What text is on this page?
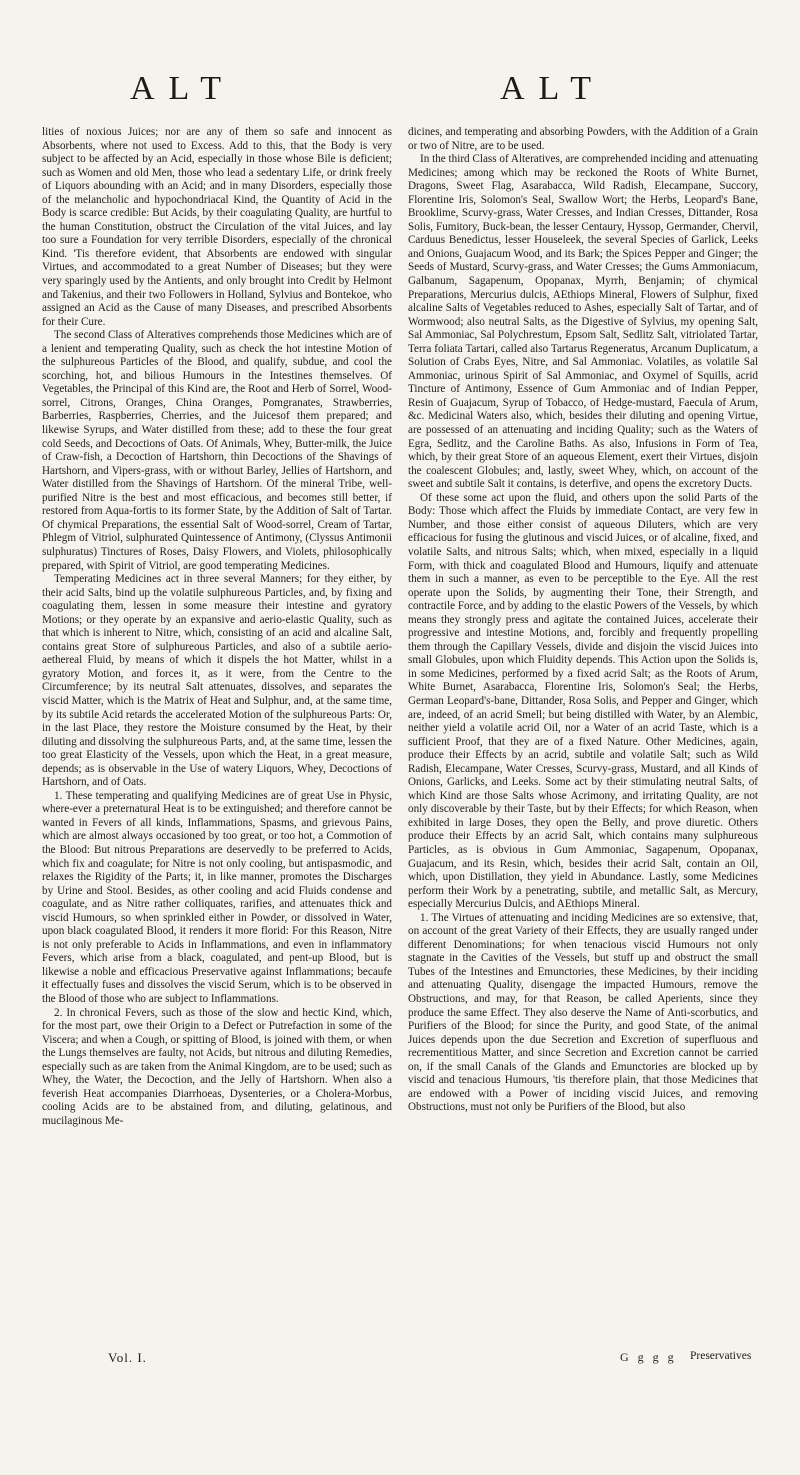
ALT	ALT

lities of noxious Juices; nor are any of them so safe and innocent as Absorbents, where not used to Excess. Add to this, that the Body is very subject to be affected by an Acid, especially in those whose Bile is deficient; such as Women and old Men, those who lead a sedentary Life, or drink freely of Liquors abounding with an Acid; and in many Disorders, especially those of the melancholic and hypochondriacal Kind, the Quantity of Acid in the Body is scarce credible: But Acids, by their coagulating Quality, are hurtful to the human Constitution, obstruct the Circulation of the vital Juices, and lay too sure a Foundation for very terrible Disorders, especially of the chronical Kind. 'Tis therefore evident, that Absorbents are endowed with singular Virtues, and accommodated to a great Number of Diseases; but they were very sparingly used by the Antients, and only brought into Credit by Helmont and Takenius, and their two Followers in Holland, Sylvius and Bontekoe, who assigned an Acid as the Cause of many Diseases, and prescribed Absorbents for their Cure.

The second Class of Alteratives comprehends those Medicines which are of a lenient and temperating Quality, such as check the hot intestine Motion of the sulphureous Particles of the Blood, and qualify, subdue, and cool the scorching, hot, and bilious Humours in the Intestines themselves. Of Vegetables, the Principal of this Kind are, the Root and Herb of Sorrel, Wood-sorrel, Citrons, Oranges, China Oranges, Pomgranates, Strawberries, Barberries, Raspberries, Cherries, and the Juicesof them prepared; and likewise Syrups, and Water distilled from these; add to these the four great cold Seeds, and Decoctions of Oats. Of Animals, Whey, Butter-milk, the Juice of Craw-fish, a Decoction of Hartshorn, thin Decoctions of the Shavings of Hartshorn, and Vipers-grass, with or without Barley, Jellies of Hartshorn, and Water distilled from the Shavings of Hartshorn. Of the mineral Tribe, well-purified Nitre is the best and most efficacious, and becomes still better, if restored from Aqua-fortis to its former State, by the Addition of Salt of Tartar. Of chymical Preparations, the essential Salt of Wood-sorrel, Cream of Tartar, Phlegm of Vitriol, sulphurated Quintessence of Antimony, (Clyssus Antimonii sulphuratus) Tinctures of Roses, Daisy Flowers, and Violets, philosophically prepared, with Spirit of Vitriol, are good temperating Medicines.

Temperating Medicines act in three several Manners; for they either, by their acid Salts, bind up the volatile sulphureous Particles, and, by fixing and coagulating them, lessen in some measure their intestine and gyratory Motions; or they operate by an expansive and aerio-elastic Quality, such as that which is inherent to Nitre, which, consisting of an acid and alcaline Salt, contains great Store of sulphureous Particles, and also of a subtile aerio-aethereal Fluid, by means of which it dispels the hot Matter, whilst in a gyratory Motion, and forces it, as it were, from the Centre to the Circumference; by its neutral Salt attenuates, dissolves, and separates the viscid Matter, which is the Matrix of Heat and Sulphur, and, at the same time, by its subtile Acid retards the accelerated Motion of the sulphureous Parts: Or, in the last Place, they restore the Moisture consumed by the Heat, by their diluting and dissolving the sulphureous Parts, and, at the same time, lessen the too great Elasticity of the Vessels, upon which the Heat, in a great measure, depends; as is observable in the Use of watery Liquors, Whey, Decoctions of Hartshorn, and of Oats.

1. These temperating and qualifying Medicines are of great Use in Physic, where-ever a preternatural Heat is to be extinguished; and therefore cannot be wanted in Fevers of all kinds, Inflammations, Spasms, and grievous Pains, which are almost always occasioned by too great, or too hot, a Commotion of the Blood: But nitrous Preparations are deservedly to be preferred to Acids, which fix and coagulate; for Nitre is not only cooling, but antispasmodic, and relaxes the Rigidity of the Parts; it, in like manner, promotes the Discharges by Urine and Stool. Besides, as other cooling and acid Fluids condense and coagulate, and as Nitre rather colliquates, rarifies, and attenuates thick and viscid Humours, so when sprinkled either in Powder, or dissolved in Water, upon black coagulated Blood, it renders it more florid: For this Reason, Nitre is not only preferable to Acids in Inflammations, and even in inflammatory Fevers, which arise from a black, coagulated, and pent-up Blood, but is likewise a noble and efficacious Preservative against Inflammations; becaufe it effectually fuses and dissolves the viscid Serum, which is to be observed in the Blood of those who are subject to Inflammations.

2. In chronical Fevers, such as those of the slow and hectic Kind, which, for the most part, owe their Origin to a Defect or Putrefaction in some of the Viscera; and when a Cough, or spitting of Blood, is joined with them, or when the Lungs themselves are faulty, not Acids, but nitrous and diluting Remedies, especially such as are taken from the Animal Kingdom, are to be used; such as Whey, the Water, the Decoction, and the Jelly of Hartshorn. When also a feverish Heat accompanies Diarrhoeas, Dysenteries, or a Cholera-Morbus, cooling Acids are to be abstained from, and diluting, gelatinous, and mucilaginous Me-

dicines, and temperating and absorbing Powders, with the Addition of a Grain or two of Nitre, are to be used.

In the third Class of Alteratives, are comprehended inciding and attenuating Medicines; among which may be reckoned the Roots of White Burnet, Dragons, Sweet Flag, Asarabacca, Wild Radish, Elecampane, Succory, Florentine Iris, Solomon's Seal, Swallow Wort; the Herbs, Leopard's Bane, Brooklime, Scurvy-grass, Water Cresses, and Indian Cresses, Dittander, Rosa Solis, Fumitory, Buck-bean, the lesser Centaury, Hyssop, Germander, Chervil, Carduus Benedictus, lesser Houseleek, the several Species of Garlick, Leeks and Onions, Guajacum Wood, and its Bark; the Spices Pepper and Ginger; the Seeds of Mustard, Scurvy-grass, and Water Cresses; the Gums Ammoniacum, Galbanum, Sagapenum, Opopanax, Myrrh, Benjamin; of chymical Preparations, Mercurius dulcis, AEthiops Mineral, Flowers of Sulphur, fixed alcaline Salts of Vegetables reduced to Ashes, especially Salt of Tartar, and of Wormwood; also neutral Salts, as the Digestive of Sylvius, my opening Salt, Sal Ammoniac, Sal Polychrestum, Epsom Salt, Sedlitz Salt, vitriolated Tartar, Terra foliata Tartari, called also Tartarus Regeneratus, Arcanum Duplicatum, a Solution of Crabs Eyes, Nitre, and Sal Ammoniac. Volatiles, as volatile Sal Ammoniac, urinous Spirit of Sal Ammoniac, and Oxymel of Squills, acrid Tincture of Antimony, Essence of Gum Ammoniac and of Indian Pepper, Resin of Guajacum, Syrup of Tobacco, of Hedge-mustard, Faecula of Arum, &c. Medicinal Waters also, which, besides their diluting and opening Virtue, are possessed of an attenuating and inciding Quality; such as the Waters of Egra, Sedlitz, and the Caroline Baths. As also, Infusions in Form of Tea, which, by their great Store of an aqueous Element, exert their Virtues, disjoin the coalescent Globules; and, lastly, sweet Whey, which, on account of the sweet and subtile Salt it contains, is deterfive, and opens the excretory Ducts.

Of these some act upon the fluid, and others upon the solid Parts of the Body: Those which affect the Fluids by immediate Contact, are very few in Number, and those either consist of aqueous Diluters, which are very efficacious for fusing the glutinous and viscid Juices, or of alcaline, fixed, and volatile Salts, and nitrous Salts; which, when mixed, especially in a liquid Form, with thick and coagulated Blood and Humours, liquify and attenuate them in such a manner, as even to be perceptible to the Eye. All the rest operate upon the Solids, by augmenting their Tone, their Strength, and contractile Force, and by adding to the elastic Powers of the Vessels, by which means they strongly press and agitate the contained Juices, accelerate their progressive and intestine Motions, and, forcibly and frequently propelling them through the Capillary Vessels, divide and disjoin the viscid Juices into small Globules, upon which Fluidity depends. This Action upon the Solids is, in some Medicines, performed by a fixed acrid Salt; as the Roots of Arum, White Burnet, Asarabacca, Florentine Iris, Solomon's Seal; the Herbs, German Leopard's-bane, Dittander, Rosa Solis, and Pepper and Ginger, which are, indeed, of an acrid Smell; but being distilled with Water, by an Alembic, neither yield a volatile acrid Oil, nor a Water of an acrid Taste, which is a sufficient Proof, that they are of a fixed Nature. Other Medicines, again, produce their Effects by an acrid, subtile and volatile Salt; such as Wild Radish, Elecampane, Water Cresses, Scurvy-grass, Mustard, and all Kinds of Onions, Garlicks, and Leeks. Some act by their stimulating neutral Salts, of which Kind are those Salts whose Acrimony, and irritating Quality, are not only discoverable by their Taste, but by their Effects; for which Reason, when exhibited in large Doses, they open the Belly, and prove diuretic. Others produce their Effects by an acrid Salt, which contains many sulphureous Particles, as is obvious in Gum Ammoniac, Sagapenum, Opopanax, Guajacum, and its Resin, which, besides their acrid Salt, contain an Oil, which, upon Distillation, they yield in Abundance. Lastly, some Medicines perform their Work by a penetrating, subtile, and metallic Salt, as Mercury, especially Mercurius Dulcis, and AEthiops Mineral.

1. The Virtues of attenuating and inciding Medicines are so extensive, that, on account of the great Variety of their Effects, they are usually ranged under different Denominations; for when tenacious viscid Humours not only stagnate in the Cavities of the Vessels, but stuff up and obstruct the small Tubes of the Intestines and Emunctories, these Medicines, by their inciding and attenuating Quality, disengage the impacted Humours, remove the Obstructions, and may, for that Reason, be called Aperients, since they produce the same Effect. They also deserve the Name of Anti-scorbutics, and Purifiers of the Blood; for since the Purity, and good State, of the animal Juices depends upon the due Secretion and Excretion of superfluous and recrementitious Matter, and since Secretion and Excretion cannot be carried on, if the small Canals of the Glands and Emunctories are blocked up by viscid and tenacious Humours, 'tis therefore plain, that those Medicines that are endowed with a Power of inciding viscid Juices, and removing Obstructions, must not only be Purifiers of the Blood, but also

Vol. I.	G g g g Preservatives
